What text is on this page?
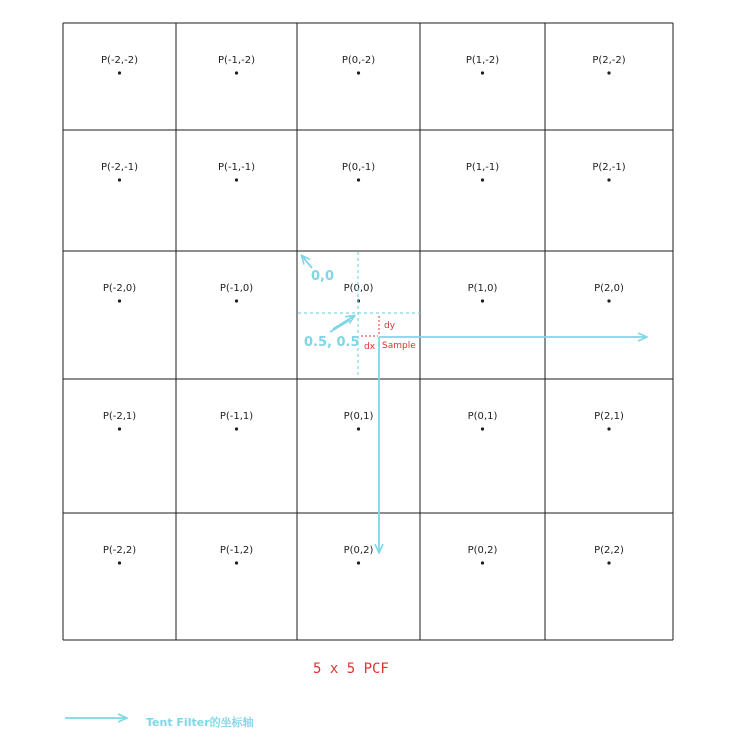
P(-2,-2)	P(-1,-2)	P(0,-2)	P(1,-2)	P(2,-2)
P(-2,-1)	P(-1,-1)	P(0,-1)	P(1,-1)	P(2,-1)
P(-2,0)	P(-1,0)	P(0,0)	P(1,0)	P(2,0)
P(-2,1)	P(-1,1)	P(0,1)	P(0,1)	P(2,1)
P(-2,2)	P(-1,2)	P(0,2)	P(0,2)	P(2,2)
0,0
0.5, 0.5
dy
dx Sample
5 x 5 PCF
Tent Filter的坐标轴
